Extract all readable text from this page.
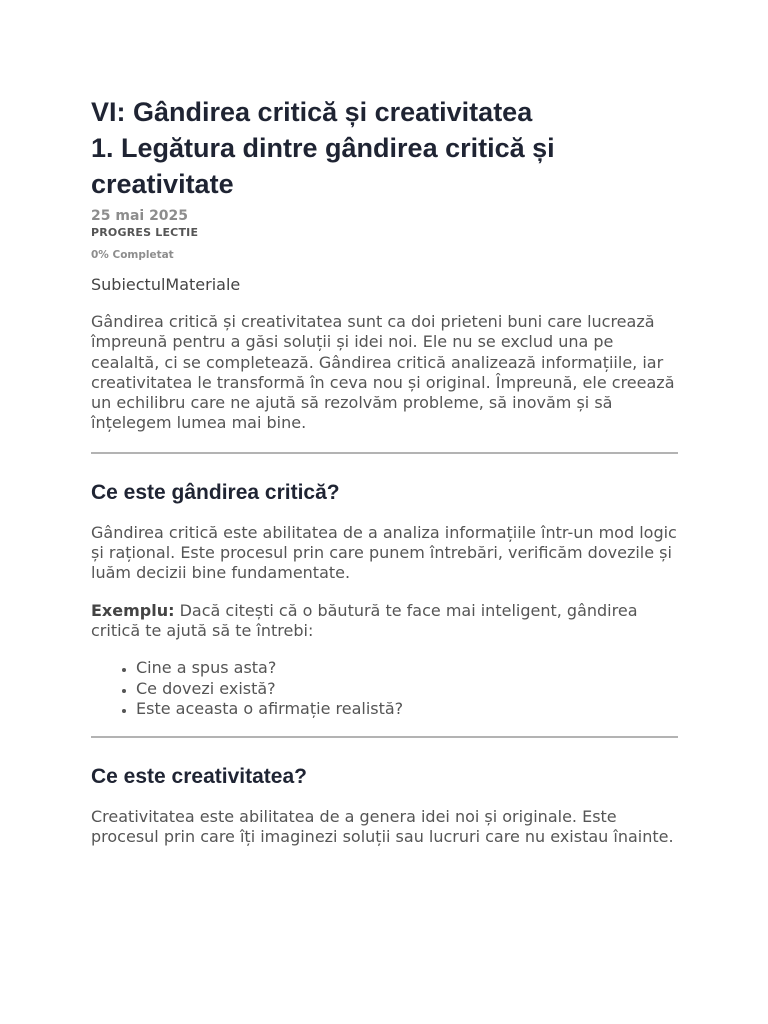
VI: Gândirea critică și creativitatea
1. Legătura dintre gândirea critică și creativitate
25 mai 2025
PROGRES LECTIE
0% Completat
Subiectul Materiale

Gândirea critică și creativitatea sunt ca doi prieteni buni care lucrează împreună pentru a găsi soluții și idei noi. Ele nu se exclud una pe cealaltă, ci se completează. Gândirea critică analizează informațiile, iar creativitatea le transformă în ceva nou și original. Împreună, ele creează un echilibru care ne ajută să rezolvăm probleme, să inovăm și să înțelegem lumea mai bine.

Ce este gândirea critică?

Gândirea critică este abilitatea de a analiza informațiile într-un mod logic și rațional. Este procesul prin care punem întrebări, verificăm dovezile și luăm decizii bine fundamentate.

Exemplu: Dacă citești că o băutură te face mai inteligent, gândirea critică te ajută să te întrebi:

• Cine a spus asta?
• Ce dovezi există?
• Este aceasta o afirmație realistă?
Ce este creativitatea?

Creativitatea este abilitatea de a genera idei noi și originale. Este procesul prin care îți imaginezi soluții sau lucruri care nu existau înainte.
